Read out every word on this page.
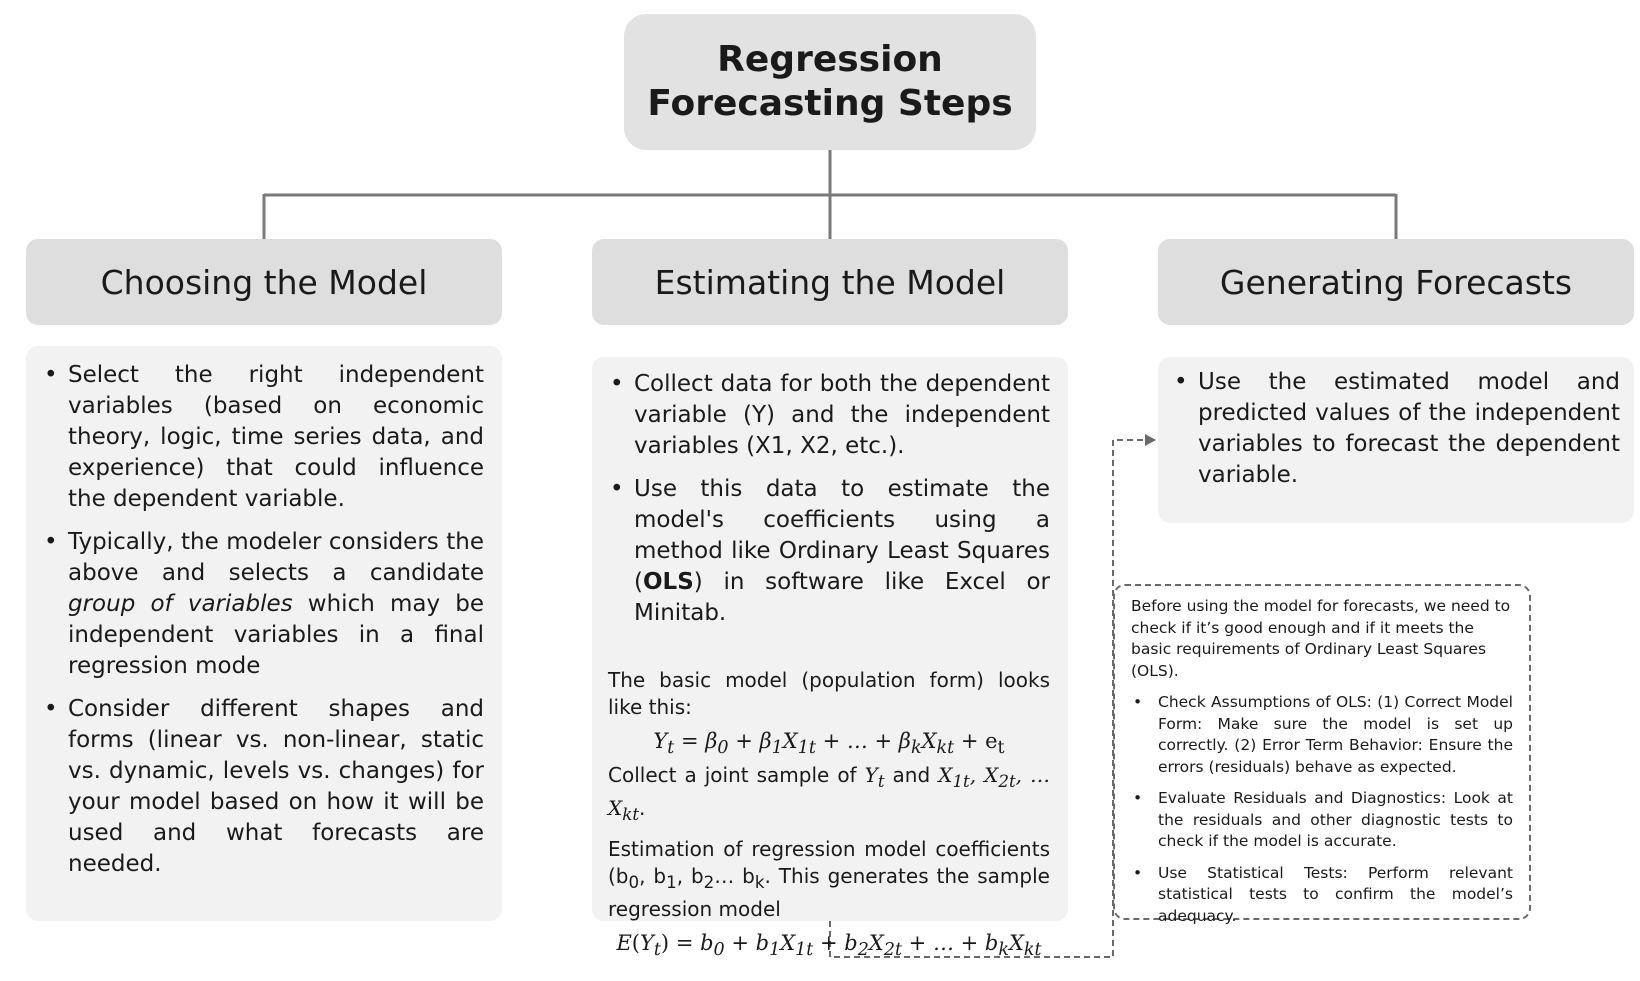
Regression
Forecasting Steps
Choosing the Model	Estimating the Model	Generating Forecasts
• Select the right independent variables (based on economic theory, logic, time series data, and experience) that could influence the dependent variable.
• Typically, the modeler considers the above and selects a candidate group of variables which may be independent variables in a final regression mode
• Consider different shapes and forms (linear vs. non-linear, static vs. dynamic, levels vs. changes) for your model based on how it will be used and what forecasts are needed.
• Collect data for both the dependent variable (Y) and the independent variables (X1, X2, etc.).
• Use this data to estimate the model's coefficients using a method like Ordinary Least Squares (OLS) in software like Excel or Minitab.
The basic model (population form) looks like this:
$Y_t = \beta_0 + \beta_1X_{1t}$ + … + $\beta_kX_{kt} + e_t$
Collect a joint sample of $Y_t$ and $X_{1t}$, $X_{2t}$, $\dots X_{kt}$.
Estimation of regression model coefficients ($b_0$, $b_1$, $b_2\dots$ $b_k$. This generates the sample regression model
$E(Y_t) = b_0 + b_1X_{1t} + b_2X_{2t}$ + … + $b_kX_{kt}$
• Use the estimated model and predicted values of the independent variables to forecast the dependent variable.
Before using the model for forecasts, we need to check if it’s good enough and if it meets the basic requirements of Ordinary Least Squares (OLS).
• Check Assumptions of OLS: (1) Correct Model Form: Make sure the model is set up correctly. (2) Error Term Behavior: Ensure the errors (residuals) behave as expected.
• Evaluate Residuals and Diagnostics: Look at the residuals and other diagnostic tests to check if the model is accurate.
• Use Statistical Tests: Perform relevant statistical tests to confirm the model’s adequacy.
